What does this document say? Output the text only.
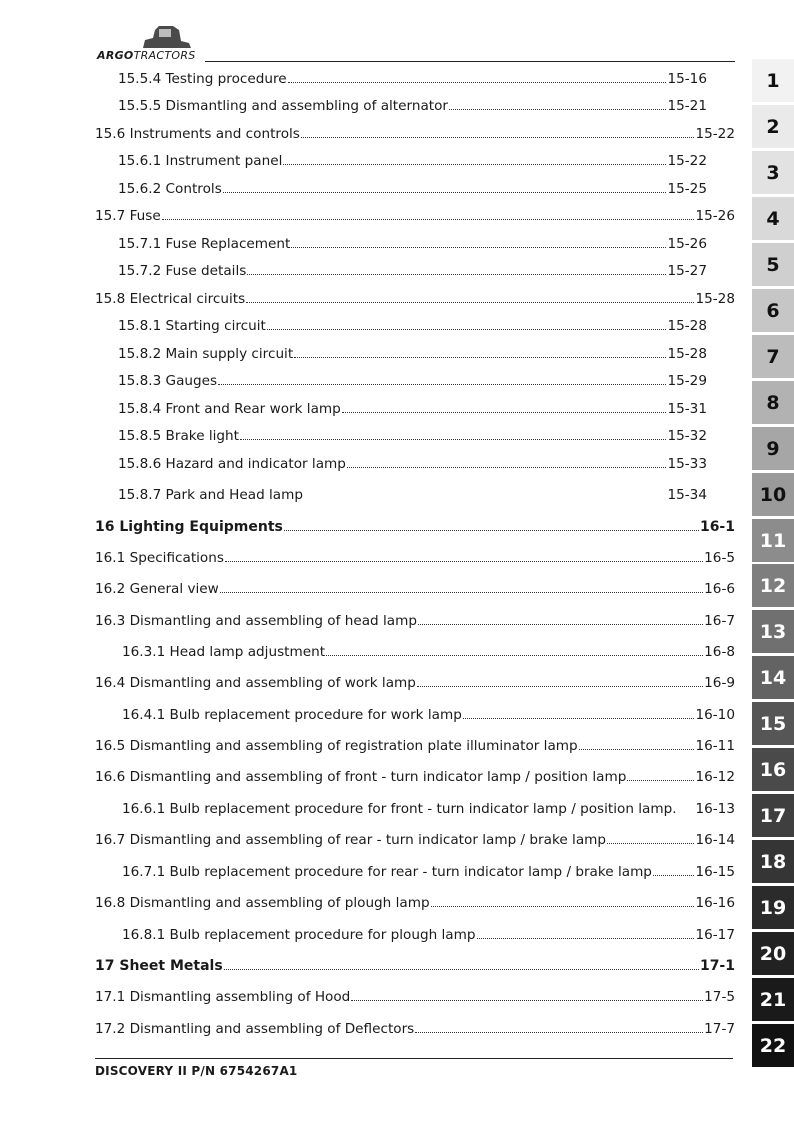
ARGOTRACTORS
15.5.4 Testing procedure	15-16
15.5.5 Dismantling and assembling of alternator	15-21
15.6 Instruments and controls	15-22
15.6.1 Instrument panel	15-22
15.6.2 Controls	15-25
15.7 Fuse	15-26
15.7.1 Fuse Replacement	15-26
15.7.2 Fuse details	15-27
15.8 Electrical circuits	15-28
15.8.1 Starting circuit	15-28
15.8.2 Main supply circuit	15-28
15.8.3 Gauges	15-29
15.8.4 Front and Rear work lamp	15-31
15.8.5 Brake light	15-32
15.8.6 Hazard and indicator lamp	15-33
15.8.7 Park and Head lamp	15-34
16 Lighting Equipments	16-1
16.1 Specifications	16-5
16.2 General view	16-6
16.3 Dismantling and assembling of head lamp	16-7
16.3.1 Head lamp adjustment	16-8
16.4 Dismantling and assembling of work lamp	16-9
16.4.1 Bulb replacement procedure for work lamp	16-10
16.5 Dismantling and assembling of registration plate illuminator lamp	16-11
16.6 Dismantling and assembling of front - turn indicator lamp / position lamp	16-12
16.6.1 Bulb replacement procedure for front - turn indicator lamp / position lamp. 16-13
16.7 Dismantling and assembling of rear - turn indicator lamp / brake lamp	16-14
16.7.1 Bulb replacement procedure for rear - turn indicator lamp / brake lamp	16-15
16.8 Dismantling and assembling of plough lamp	16-16
16.8.1 Bulb replacement procedure for plough lamp	16-17
17 Sheet Metals	17-1
17.1 Dismantling assembling of Hood	17-5
17.2 Dismantling and assembling of Deflectors	17-7
DISCOVERY II P/N 6754267A1
1
2
3
4
5
6
7
8
9
10
11
12
13
14
15
16
17
18
19
20
21
22
